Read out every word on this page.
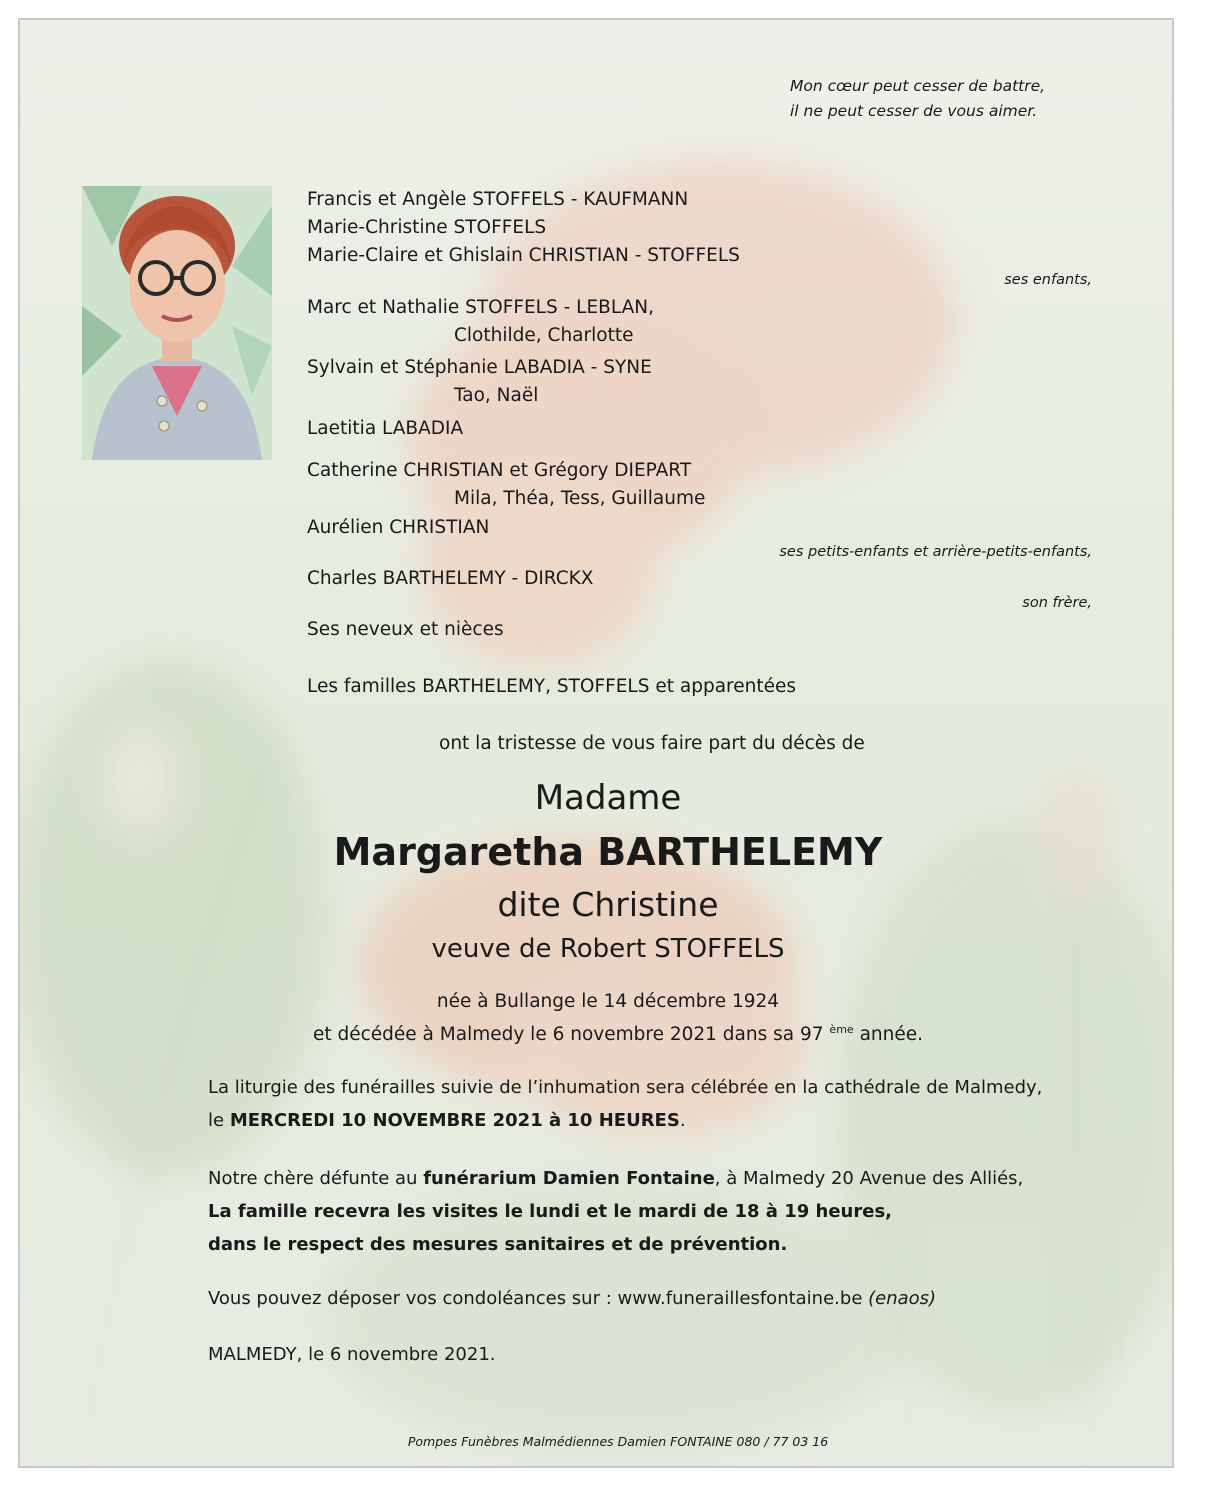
Mon cœur peut cesser de battre,
il ne peut cesser de vous aimer.
Francis et Angèle STOFFELS - KAUFMANN
Marie-Christine STOFFELS
Marie-Claire et Ghislain CHRISTIAN - STOFFELS
ses enfants,
Marc et Nathalie STOFFELS - LEBLAN,
Clothilde, Charlotte
Sylvain et Stéphanie LABADIA - SYNE
Tao, Naël
Laetitia LABADIA
Catherine CHRISTIAN et Grégory DIEPART
Mila, Théa, Tess, Guillaume
Aurélien CHRISTIAN
ses petits-enfants et arrière-petits-enfants,
Charles BARTHELEMY - DIRCKX
son frère,
Ses neveux et nièces
Les familles BARTHELEMY, STOFFELS et apparentées
ont la tristesse de vous faire part du décès de
Madame
Margaretha BARTHELEMY
dite Christine
veuve de Robert STOFFELS
née à Bullange le 14 décembre 1924
et décédée à Malmedy le 6 novembre 2021 dans sa 97 $^{ème}$ année.
La liturgie des funérailles suivie de l’inhumation sera célébrée en la cathédrale de Malmedy,
le MERCREDI 10 NOVEMBRE 2021 à 10 HEURES.
Notre chère défunte au funérarium Damien Fontaine, à Malmedy 20 Avenue des Alliés,
La famille recevra les visites le lundi et le mardi de 18 à 19 heures,
dans le respect des mesures sanitaires et de prévention.
Vous pouvez déposer vos condoléances sur : www.funeraillesfontaine.be (enaos)
MALMEDY, le 6 novembre 2021.
Pompes Funèbres Malmédiennes Damien FONTAINE 080 / 77 03 16
